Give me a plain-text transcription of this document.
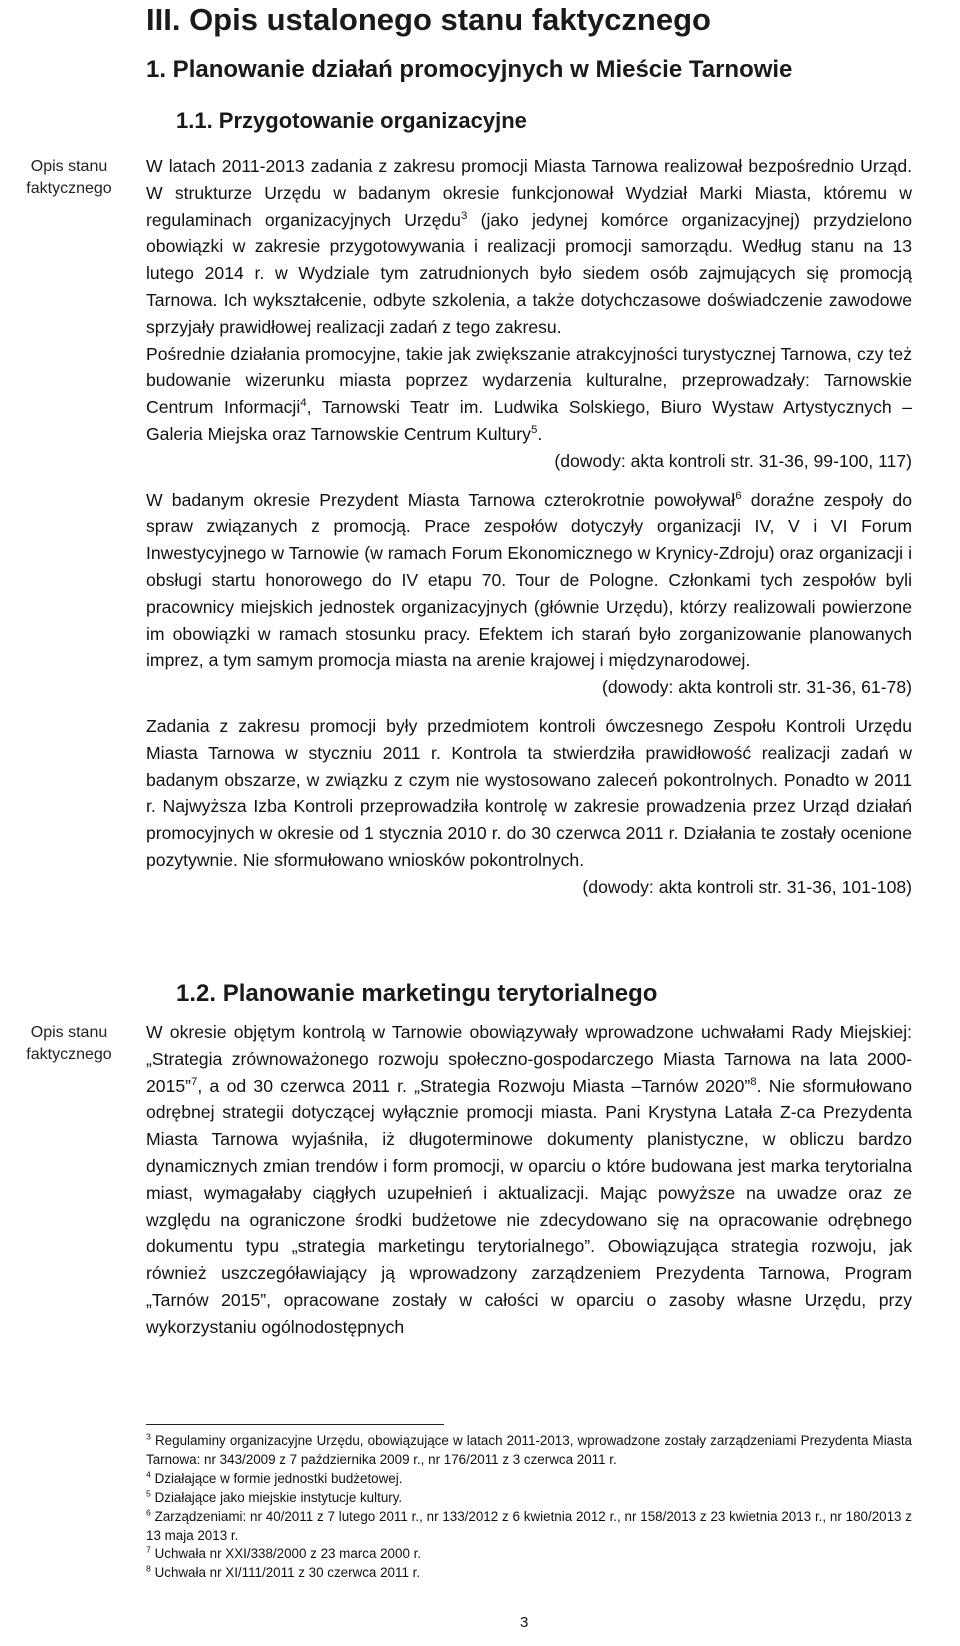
III. Opis ustalonego stanu faktycznego
1. Planowanie działań promocyjnych w Mieście Tarnowie
1.1. Przygotowanie organizacyjne
Opis stanu faktycznego

W latach 2011-2013 zadania z zakresu promocji Miasta Tarnowa realizował bezpośrednio Urząd. W strukturze Urzędu w badanym okresie funkcjonował Wydział Marki Miasta, któremu w regulaminach organizacyjnych Urzędu$^3$ (jako jedynej komórce organizacyjnej) przydzielono obowiązki w zakresie przygotowywania i realizacji promocji samorządu. Według stanu na 13 lutego 2014 r. w Wydziale tym zatrudnionych było siedem osób zajmujących się promocją Tarnowa. Ich wykształcenie, odbyte szkolenia, a także dotychczasowe doświadczenie zawodowe sprzyjały prawidłowej realizacji zadań z tego zakresu.

Pośrednie działania promocyjne, takie jak zwiększanie atrakcyjności turystycznej Tarnowa, czy też budowanie wizerunku miasta poprzez wydarzenia kulturalne, przeprowadzały: Tarnowskie Centrum Informacji$^4$, Tarnowski Teatr im. Ludwika Solskiego, Biuro Wystaw Artystycznych – Galeria Miejska oraz Tarnowskie Centrum Kultury$^5$.

(dowody: akta kontroli str. 31-36, 99-100, 117)

W badanym okresie Prezydent Miasta Tarnowa czterokrotnie powoływał$^6$ doraźne zespoły do spraw związanych z promocją. Prace zespołów dotyczyły organizacji IV, V i VI Forum Inwestycyjnego w Tarnowie (w ramach Forum Ekonomicznego w Krynicy-Zdroju) oraz organizacji i obsługi startu honorowego do IV etapu 70. Tour de Pologne. Członkami tych zespołów byli pracownicy miejskich jednostek organizacyjnych (głównie Urzędu), którzy realizowali powierzone im obowiązki w ramach stosunku pracy. Efektem ich starań było zorganizowanie planowanych imprez, a tym samym promocja miasta na arenie krajowej i międzynarodowej.

(dowody: akta kontroli str. 31-36, 61-78)

Zadania z zakresu promocji były przedmiotem kontroli ówczesnego Zespołu Kontroli Urzędu Miasta Tarnowa w styczniu 2011 r. Kontrola ta stwierdziła prawidłowość realizacji zadań w badanym obszarze, w związku z czym nie wystosowano zaleceń pokontrolnych. Ponadto w 2011 r. Najwyższa Izba Kontroli przeprowadziła kontrolę w zakresie prowadzenia przez Urząd działań promocyjnych w okresie od 1 stycznia 2010 r. do 30 czerwca 2011 r. Działania te zostały ocenione pozytywnie. Nie sformułowano wniosków pokontrolnych.

(dowody: akta kontroli str. 31-36, 101-108)

1.2. Planowanie marketingu terytorialnego
Opis stanu faktycznego

W okresie objętym kontrolą w Tarnowie obowiązywały wprowadzone uchwałami Rady Miejskiej: „Strategia zrównoważonego rozwoju społeczno-gospodarczego Miasta Tarnowa na lata 2000-2015”$^7$, a od 30 czerwca 2011 r. „Strategia Rozwoju Miasta –Tarnów 2020”$^8$. Nie sformułowano odrębnej strategii dotyczącej wyłącznie promocji miasta. Pani Krystyna Latała Z-ca Prezydenta Miasta Tarnowa wyjaśniła, iż długoterminowe dokumenty planistyczne, w obliczu bardzo dynamicznych zmian trendów i form promocji, w oparciu o które budowana jest marka terytorialna miast, wymagałaby ciągłych uzupełnień i aktualizacji. Mając powyższe na uwadze oraz ze względu na ograniczone środki budżetowe nie zdecydowano się na opracowanie odrębnego dokumentu typu „strategia marketingu terytorialnego”. Obowiązująca strategia rozwoju, jak również uszczegóławiający ją wprowadzony zarządzeniem Prezydenta Tarnowa, Program „Tarnów 2015”, opracowane zostały w całości w oparciu o zasoby własne Urzędu, przy wykorzystaniu ogólnodostępnych

$^3$ Regulaminy organizacyjne Urzędu, obowiązujące w latach 2011-2013, wprowadzone zostały zarządzeniami Prezydenta Miasta Tarnowa: nr 343/2009 z 7 października 2009 r., nr 176/2011 z 3 czerwca 2011 r.
$^4$ Działające w formie jednostki budżetowej.
$^5$ Działające jako miejskie instytucje kultury.
$^6$ Zarządzeniami: nr 40/2011 z 7 lutego 2011 r., nr 133/2012 z 6 kwietnia 2012 r., nr 158/2013 z 23 kwietnia 2013 r., nr 180/2013 z 13 maja 2013 r.
$^7$ Uchwała nr XXI/338/2000 z 23 marca 2000 r.
$^8$ Uchwała nr XI/111/2011 z 30 czerwca 2011 r.
3
